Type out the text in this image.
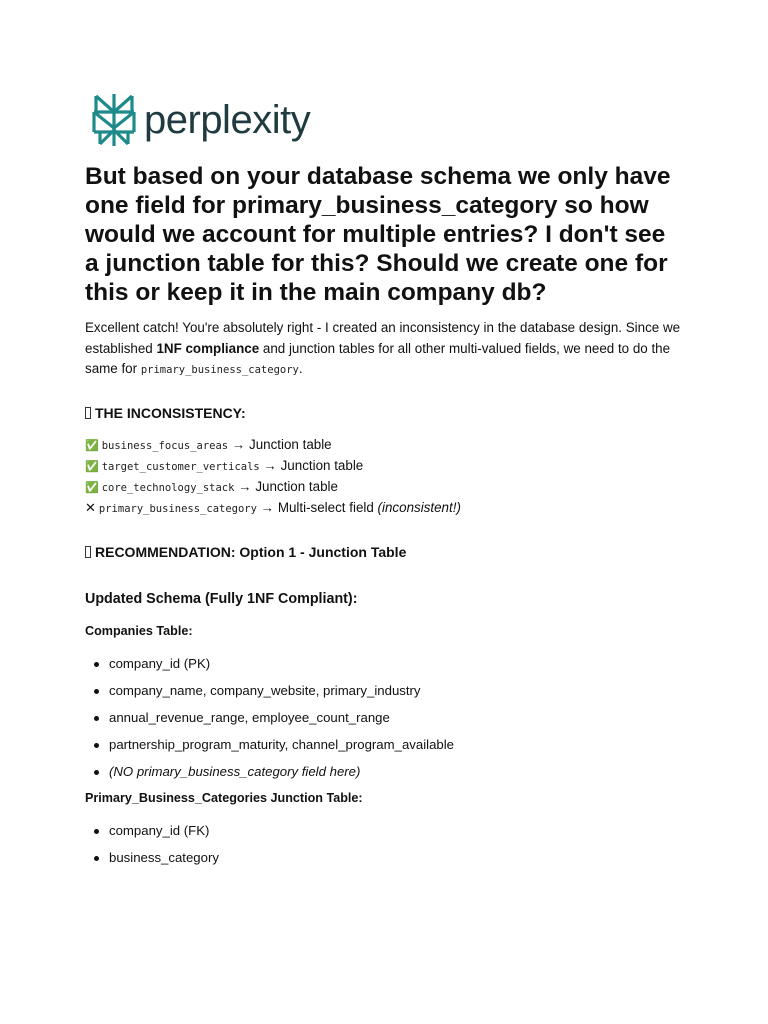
perplexity
But based on your database schema we only have one field for primary_business_category so how would we account for multiple entries? I don't see a junction table for this? Should we create one for this or keep it in the main company db?

Excellent catch! You're absolutely right - I created an inconsistency in the database design. Since we established 1NF compliance and junction tables for all other multi-valued fields, we need to do the same for primary_business_category.

THE INCONSISTENCY:
✅ business_focus_areas → Junction table
✅ target_customer_verticals → Junction table
✅ core_technology_stack → Junction table
✕ primary_business_category → Multi-select field (inconsistent!)
RECOMMENDATION: Option 1 - Junction Table
Updated Schema (Fully 1NF Compliant):
Companies Table:
company_id (PK)
company_name, company_website, primary_industry
annual_revenue_range, employee_count_range
partnership_program_maturity, channel_program_available
(NO primary_business_category field here)
Primary_Business_Categories Junction Table:
company_id (FK)
business_category
